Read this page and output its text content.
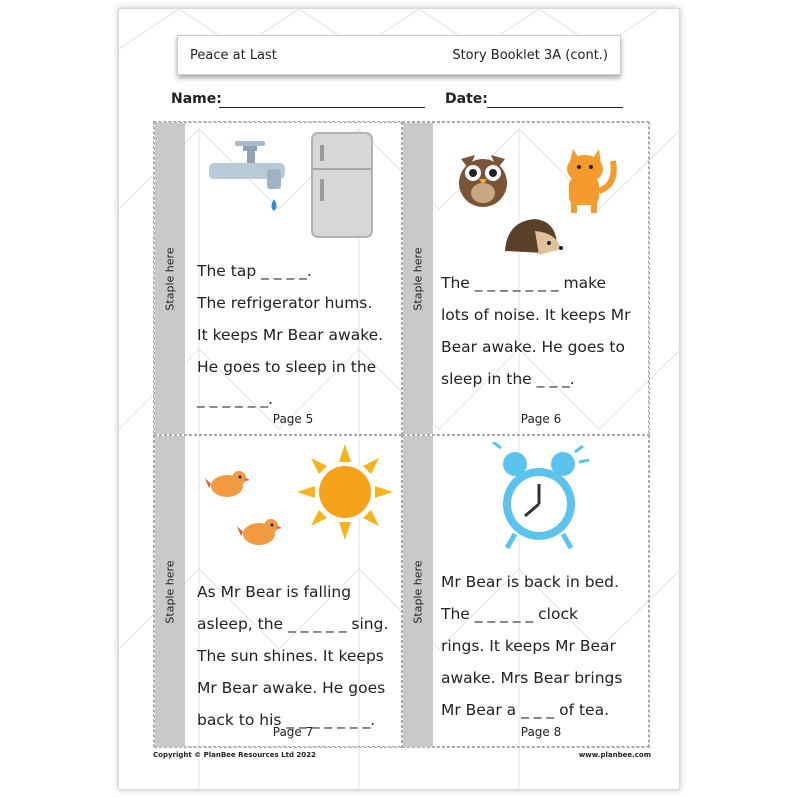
Peace at Last	Story Booklet 3A (cont.)
Name:	Date:
Staple here The tap _ _ _ _.
The refrigerator hums.
It keeps Mr Bear awake.
He goes to sleep in the
_ _ _ _ _ _.
Page 5
Staple here The _ _ _ _ _ _ _ make
lots of noise. It keeps Mr
Bear awake. He goes to
sleep in the _ _ _.
Page 6
Staple here As Mr Bear is falling
asleep, the _ _ _ _ _ sing.
The sun shines. It keeps
Mr Bear awake. He goes
back to his _ _ _ _ _ _ _.
Page 7
Staple here Mr Bear is back in bed.
The _ _ _ _ _ clock
rings. It keeps Mr Bear
awake. Mrs Bear brings
Mr Bear a _ _ _ of tea.
Page 8
Copyright © PlanBee Resources Ltd 2022	www.planbee.com
